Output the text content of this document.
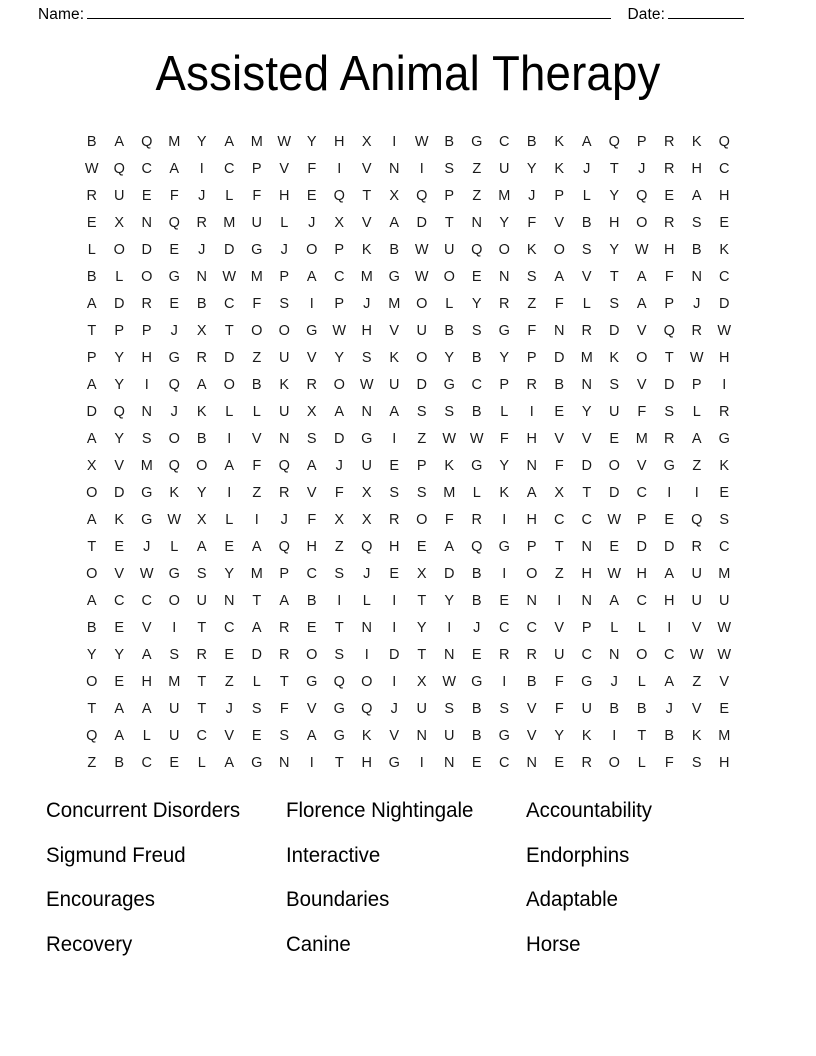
Name:	Date:
Assisted Animal Therapy
B	A	Q	M	Y	A	M	W	Y	H	X	I	W	B	G	C	B	K	A	Q	P	R	K	Q
W	Q	C	A	I	C	P	V	F	I	V	N	I	S	Z	U	Y	K	J	T	J	R	H	C
R	U	E	F	J	L	F	H	E	Q	T	X	Q	P	Z	M	J	P	L	Y	Q	E	A	H
E	X	N	Q	R	M	U	L	J	X	V	A	D	T	N	Y	F	V	B	H	O	R	S	E
L	O	D	E	J	D	G	J	O	P	K	B	W	U	Q	O	K	O	S	Y	W	H	B	K
B	L	O	G	N	W	M	P	A	C	M	G	W	O	E	N	S	A	V	T	A	F	N	C
A	D	R	E	B	C	F	S	I	P	J	M	O	L	Y	R	Z	F	L	S	A	P	J	D
T	P	P	J	X	T	O	O	G	W	H	V	U	B	S	G	F	N	R	D	V	Q	R	W
P	Y	H	G	R	D	Z	U	V	Y	S	K	O	Y	B	Y	P	D	M	K	O	T	W	H
A	Y	I	Q	A	O	B	K	R	O	W	U	D	G	C	P	R	B	N	S	V	D	P	I
D	Q	N	J	K	L	L	U	X	A	N	A	S	S	B	L	I	E	Y	U	F	S	L	R
A	Y	S	O	B	I	V	N	S	D	G	I	Z	W	W	F	H	V	V	E	M	R	A	G
X	V	M	Q	O	A	F	Q	A	J	U	E	P	K	G	Y	N	F	D	O	V	G	Z	K
O	D	G	K	Y	I	Z	R	V	F	X	S	S	M	L	K	A	X	T	D	C	I	I	E
A	K	G	W	X	L	I	J	F	X	X	R	O	F	R	I	H	C	C	W	P	E	Q	S
T	E	J	L	A	E	A	Q	H	Z	Q	H	E	A	Q	G	P	T	N	E	D	D	R	C
O	V	W	G	S	Y	M	P	C	S	J	E	X	D	B	I	O	Z	H	W	H	A	U	M
A	C	C	O	U	N	T	A	B	I	L	I	T	Y	B	E	N	I	N	A	C	H	U	U
B	E	V	I	T	C	A	R	E	T	N	I	Y	I	J	C	C	V	P	L	L	I	V	W
Y	Y	A	S	R	E	D	R	O	S	I	D	T	N	E	R	R	U	C	N	O	C	W	W
O	E	H	M	T	Z	L	T	G	Q	O	I	X	W	G	I	B	F	G	J	L	A	Z	V
T	A	A	U	T	J	S	F	V	G	Q	J	U	S	B	S	V	F	U	B	B	J	V	E
Q	A	L	U	C	V	E	S	A	G	K	V	N	U	B	G	V	Y	K	I	T	B	K	M
Z	B	C	E	L	A	G	N	I	T	H	G	I	N	E	C	N	E	R	O	L	F	S	H
Concurrent Disorders	Florence Nightingale	Accountability
Sigmund Freud	Interactive	Endorphins
Encourages	Boundaries	Adaptable
Recovery	Canine	Horse
